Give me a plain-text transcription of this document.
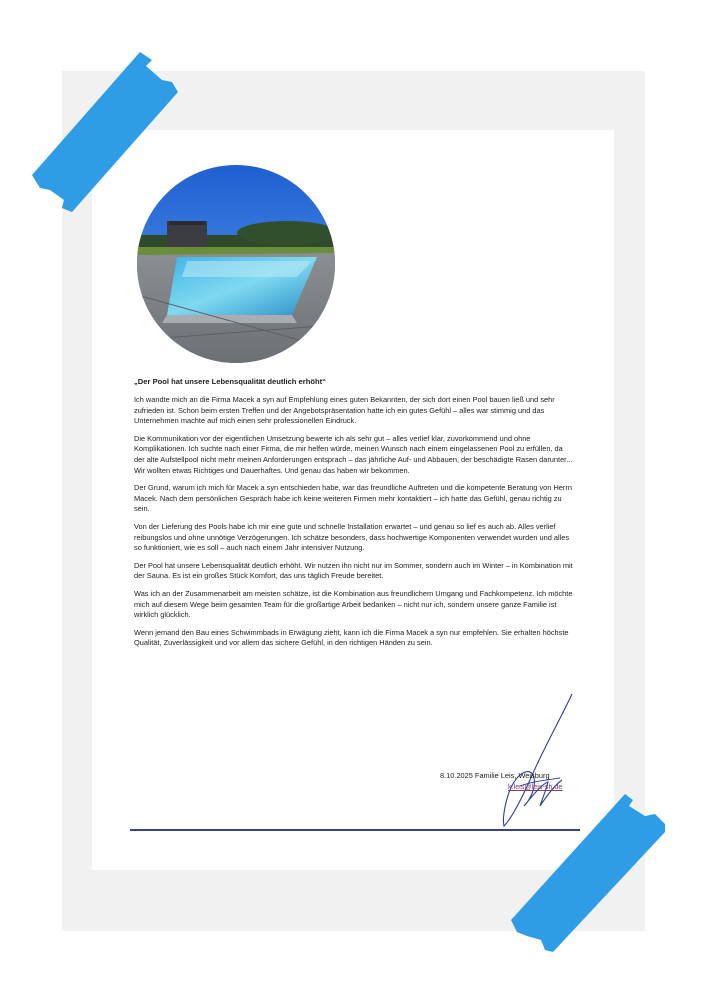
„Der Pool hat unsere Lebensqualität deutlich erhöht“

Ich wandte mich an die Firma Macek a syn auf Empfehlung eines guten Bekannten, der sich dort einen Pool bauen ließ und sehr zufrieden ist. Schon beim ersten Treffen und der Angebotspräsentation hatte ich ein gutes Gefühl – alles war stimmig und das Unternehmen machte auf mich einen sehr professionellen Eindruck.

Die Kommunikation vor der eigentlichen Umsetzung bewerte ich als sehr gut – alles verlief klar, zuvorkommend und ohne Komplikationen. Ich suchte nach einer Firma, die mir helfen würde, meinen Wunsch nach einem eingelassenen Pool zu erfüllen, da der alte Aufstellpool nicht mehr meinen Anforderungen entsprach – das jährliche Auf- und Abbauen, der beschädigte Rasen darunter... Wir wollten etwas Richtiges und Dauerhaftes. Und genau das haben wir bekommen.

Der Grund, warum ich mich für Macek a syn entschieden habe, war das freundliche Auftreten und die kompetente Beratung von Herrn Macek. Nach dem persönlichen Gespräch habe ich keine weiteren Firmen mehr kontaktiert – ich hatte das Gefühl, genau richtig zu sein.

Von der Lieferung des Pools habe ich mir eine gute und schnelle Installation erwartet – und genau so lief es auch ab. Alles verlief reibungslos und ohne unnötige Verzögerungen. Ich schätze besonders, dass hochwertige Komponenten verwendet wurden und alles so funktioniert, wie es soll – auch nach einem Jahr intensiver Nutzung.

Der Pool hat unsere Lebensqualität deutlich erhöht. Wir nutzen ihn nicht nur im Sommer, sondern auch im Winter – in Kombination mit der Sauna. Es ist ein großes Stück Komfort, das uns täglich Freude bereitet.

Was ich an der Zusammenarbeit am meisten schätze, ist die Kombination aus freundlichem Umgang und Fachkompetenz. Ich möchte mich auf diesem Wege beim gesamten Team für die großartige Arbeit bedanken – nicht nur ich, sondern unsere ganze Familie ist wirklich glücklich.

Wenn jemand den Bau eines Schwimmbads in Erwägung zieht, kann ich die Firma Macek a syn nur empfehlen. Sie erhalten höchste Qualität, Zuverlässigkeit und vor allem das sichere Gefühl, in den richtigen Händen zu sein.

8.10.2025 Familie Leis, Weisburg
k.leis@leis-sh.de
